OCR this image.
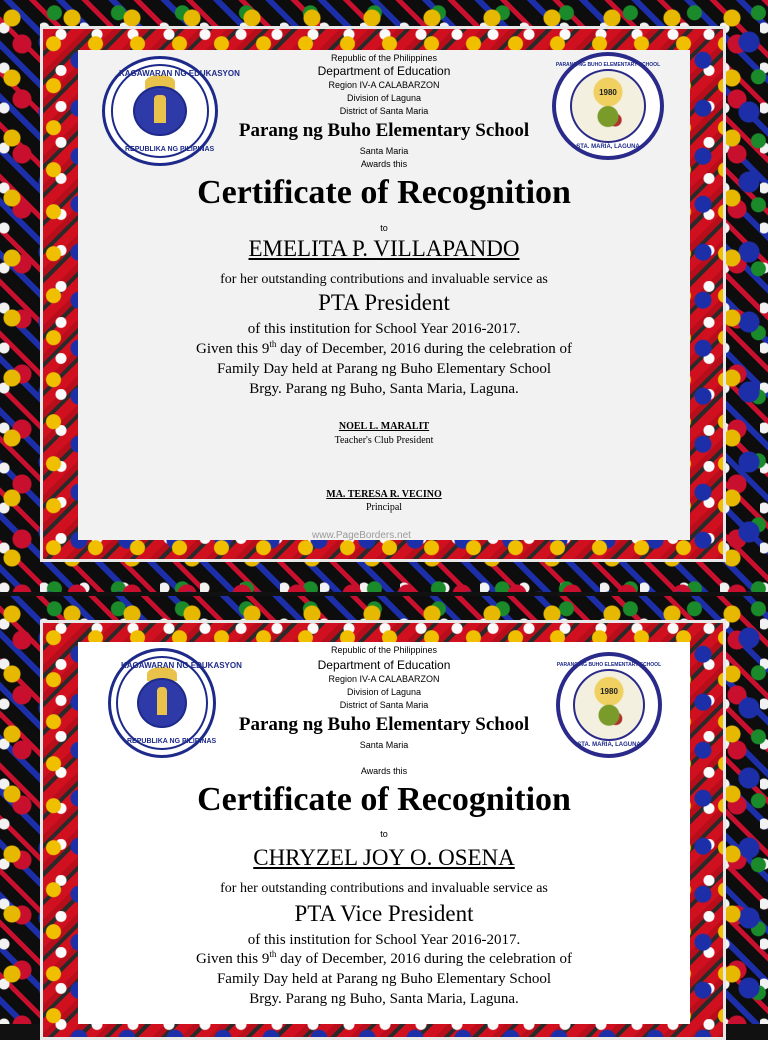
KAGAWARAN NG EDUKASYON
REPUBLIKA NG PILIPINAS
1980
PARANG NG BUHO ELEMENTARY SCHOOL
STA. MARIA, LAGUNA
Republic of the Philippines
Department of Education
Region IV-A CALABARZON
Division of Laguna
District of Santa Maria
Parang ng Buho Elementary School
Santa Maria
Awards this
Certificate of Recognition
to
EMELITA P. VILLAPANDO
for her outstanding contributions and invaluable service as
PTA President
of this institution for School Year 2016-2017.
Given this 9th day of December, 2016 during the celebration of
Family Day held at Parang ng Buho Elementary School
Brgy. Parang ng Buho, Santa Maria, Laguna.
NOEL L. MARALIT
Teacher's Club President
MA. TERESA R. VECINO
Principal
www.PageBorders.net
KAGAWARAN NG EDUKASYON
REPUBLIKA NG PILIPINAS
1980
PARANG NG BUHO ELEMENTARY SCHOOL
STA. MARIA, LAGUNA
Republic of the Philippines
Department of Education
Region IV-A CALABARZON
Division of Laguna
District of Santa Maria
Parang ng Buho Elementary School
Santa Maria
Awards this
Certificate of Recognition
to
CHRYZEL JOY O. OSENA
for her outstanding contributions and invaluable service as
PTA Vice President
of this institution for School Year 2016-2017.
Given this 9th day of December, 2016 during the celebration of
Family Day held at Parang ng Buho Elementary School
Brgy. Parang ng Buho, Santa Maria, Laguna.
